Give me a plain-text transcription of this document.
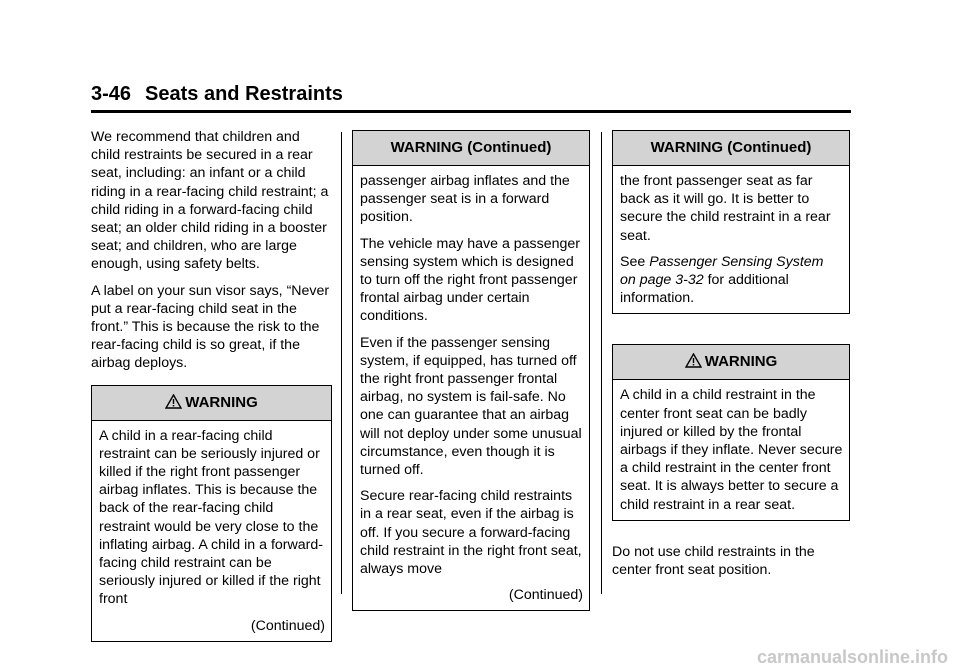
3-46 Seats and Restraints

We recommend that children and child restraints be secured in a rear seat, including: an infant or a child riding in a rear-facing child restraint; a child riding in a forward-facing child seat; an older child riding in a booster seat; and children, who are large enough, using safety belts.

A label on your sun visor says, “Never put a rear-facing child seat in the front.” This is because the risk to the rear-facing child is so great, if the airbag deploys.

WARNING

A child in a rear-facing child restraint can be seriously injured or killed if the right front passenger airbag inflates. This is because the back of the rear-facing child restraint would be very close to the inflating airbag. A child in a forward-facing child restraint can be seriously injured or killed if the right front

(Continued)
WARNING (Continued)

passenger airbag inflates and the passenger seat is in a forward position.

The vehicle may have a passenger sensing system which is designed to turn off the right front passenger frontal airbag under certain conditions.

Even if the passenger sensing system, if equipped, has turned off the right front passenger frontal airbag, no system is fail-safe. No one can guarantee that an airbag will not deploy under some unusual circumstance, even though it is turned off.

Secure rear-facing child restraints in a rear seat, even if the airbag is off. If you secure a forward-facing child restraint in the right front seat, always move

(Continued)
WARNING (Continued)

the front passenger seat as far back as it will go. It is better to secure the child restraint in a rear seat.

See Passenger Sensing System on page 3-32 for additional information.

WARNING

A child in a child restraint in the center front seat can be badly injured or killed by the frontal airbags if they inflate. Never secure a child restraint in the center front seat. It is always better to secure a child restraint in a rear seat.

Do not use child restraints in the center front seat position.

carmanualsonline.info
